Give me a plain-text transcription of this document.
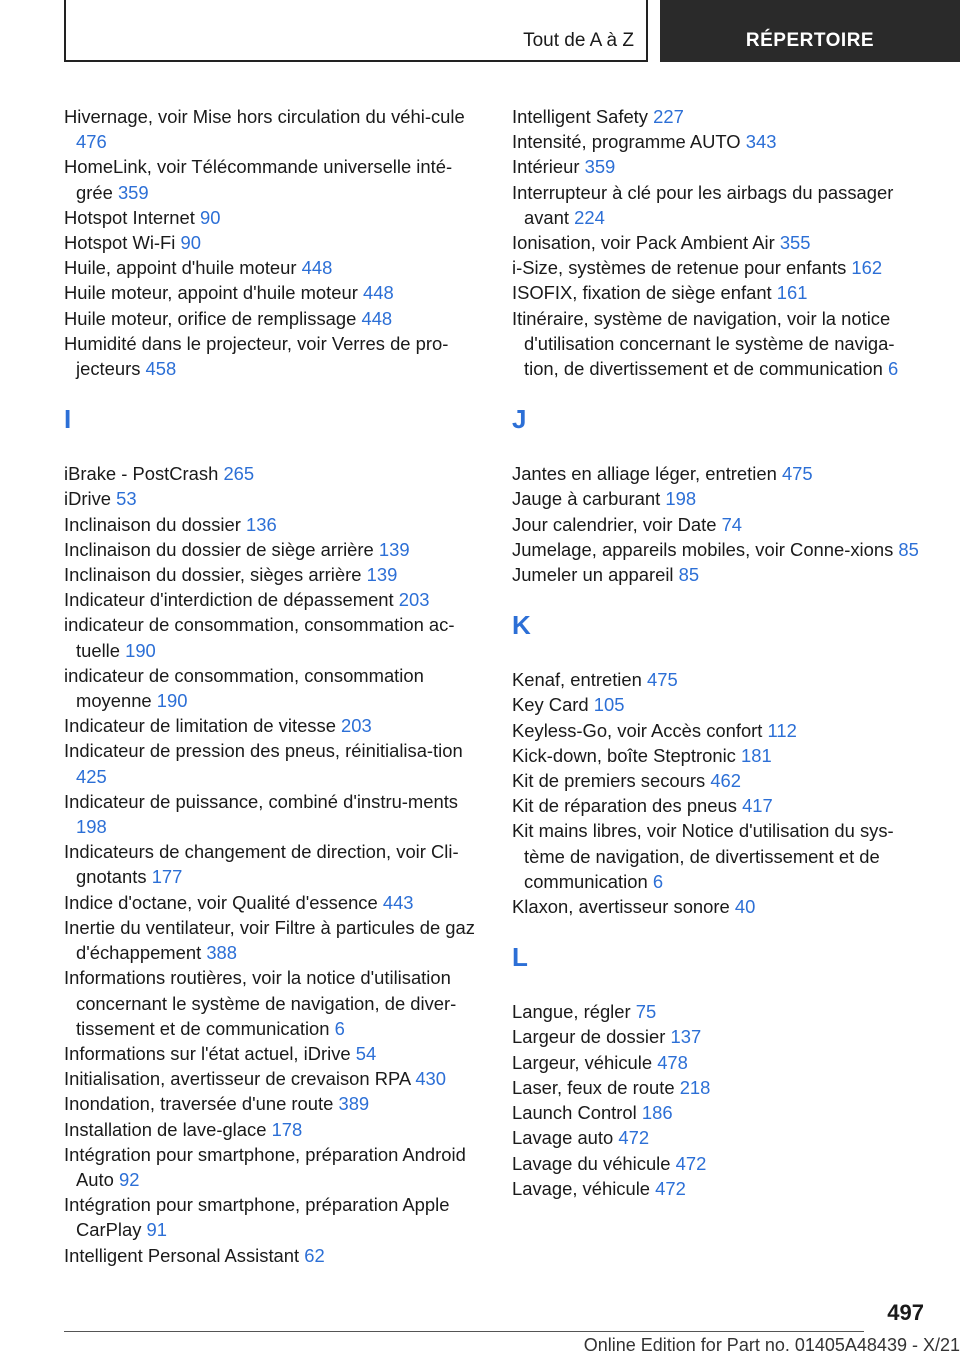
Tout de A à Z	RÉPERTOIRE

Hivernage, voir Mise hors circulation du véhi‐cule 476

HomeLink, voir Télécommande universelle inté‐grée 359

Hotspot Internet 90

Hotspot Wi-Fi 90

Huile, appoint d'huile moteur 448

Huile moteur, appoint d'huile moteur 448

Huile moteur, orifice de remplissage 448

Humidité dans le projecteur, voir Verres de pro‐jecteurs 458

I

iBrake - PostCrash 265

iDrive 53

Inclinaison du dossier 136

Inclinaison du dossier de siège arrière 139

Inclinaison du dossier, sièges arrière 139

Indicateur d'interdiction de dépassement 203

indicateur de consommation, consommation ac‐tuelle 190

indicateur de consommation, consommation moyenne 190

Indicateur de limitation de vitesse 203

Indicateur de pression des pneus, réinitialisa‐tion 425

Indicateur de puissance, combiné d'instru‐ments 198

Indicateurs de changement de direction, voir Cli‐gnotants 177

Indice d'octane, voir Qualité d'essence 443

Inertie du ventilateur, voir Filtre à particules de gaz d'échappement 388

Informations routières, voir la notice d'utilisation concernant le système de navigation, de diver‐tissement et de communication 6

Informations sur l'état actuel, iDrive 54

Initialisation, avertisseur de crevaison RPA 430

Inondation, traversée d'une route 389

Installation de lave-glace 178

Intégration pour smartphone, préparation Android Auto 92

Intégration pour smartphone, préparation Apple CarPlay 91

Intelligent Personal Assistant 62

Intelligent Safety 227

Intensité, programme AUTO 343

Intérieur 359

Interrupteur à clé pour les airbags du passager avant 224

Ionisation, voir Pack Ambient Air 355

i-Size, systèmes de retenue pour enfants 162

ISOFIX, fixation de siège enfant 161

Itinéraire, système de navigation, voir la notice d'utilisation concernant le système de naviga‐tion, de divertissement et de communication 6

J

Jantes en alliage léger, entretien 475

Jauge à carburant 198

Jour calendrier, voir Date 74

Jumelage, appareils mobiles, voir Conne‐xions 85

Jumeler un appareil 85

K

Kenaf, entretien 475

Key Card 105

Keyless-Go, voir Accès confort 112

Kick-down, boîte Steptronic 181

Kit de premiers secours 462

Kit de réparation des pneus 417

Kit mains libres, voir Notice d'utilisation du sys‐tème de navigation, de divertissement et de communication 6

Klaxon, avertisseur sonore 40

L

Langue, régler 75

Largeur de dossier 137

Largeur, véhicule 478

Laser, feux de route 218

Launch Control 186

Lavage auto 472

Lavage du véhicule 472

Lavage, véhicule 472

497
Online Edition for Part no. 01405A48439 - X/21
